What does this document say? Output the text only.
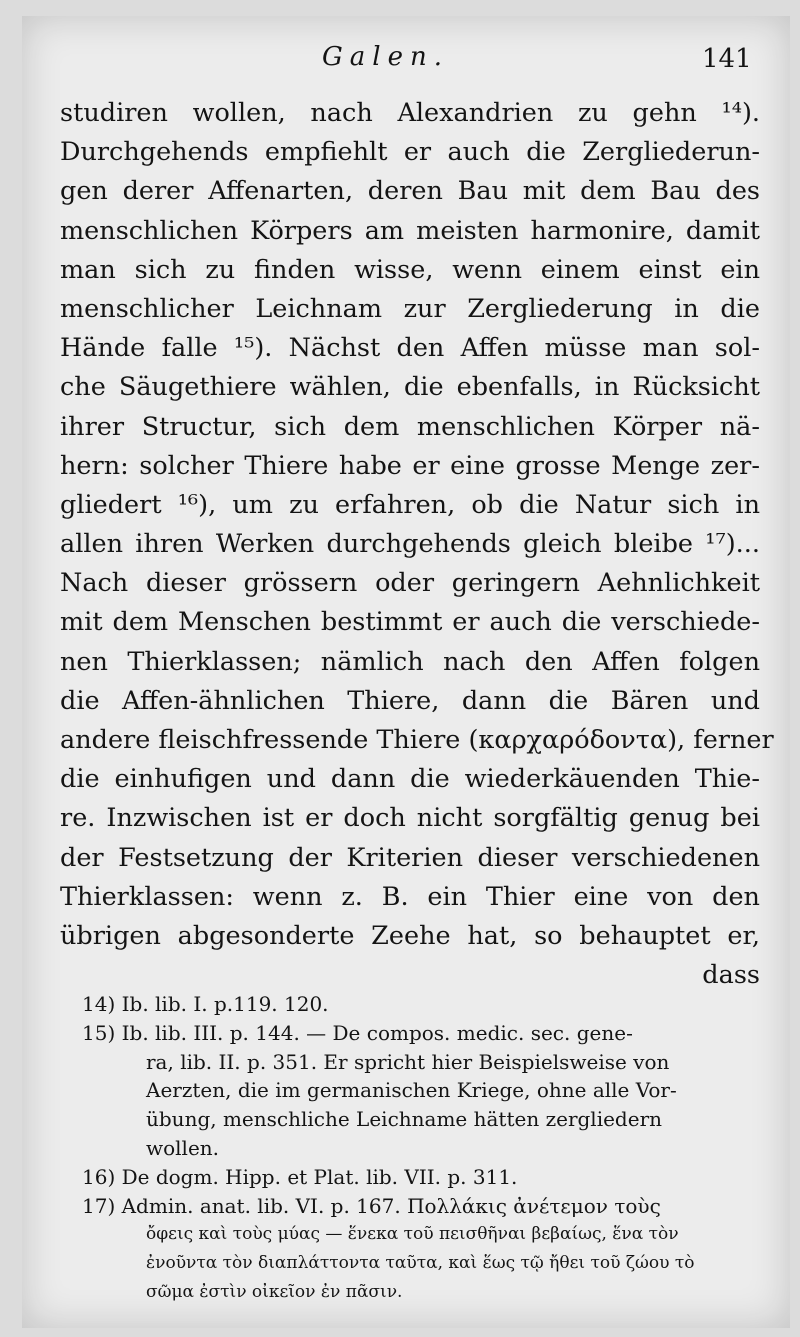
Galen.	141
studiren wollen, nach Alexandrien zu gehn ¹⁴).
Durchgehends empfiehlt er auch die Zergliederun-
gen derer Affenarten, deren Bau mit dem Bau des
menschlichen Körpers am meisten harmonire, damit
man sich zu finden wisse, wenn einem einst ein
menschlicher Leichnam zur Zergliederung in die
Hände falle ¹⁵). Nächst den Affen müsse man sol-
che Säugethiere wählen, die ebenfalls, in Rücksicht
ihrer Structur, sich dem menschlichen Körper nä-
hern: solcher Thiere habe er eine grosse Menge zer-
gliedert ¹⁶), um zu erfahren, ob die Natur sich in
allen ihren Werken durchgehends gleich bleibe ¹⁷)...
Nach dieser grössern oder geringern Aehnlichkeit
mit dem Menschen bestimmt er auch die verschiede-
nen Thierklassen; nämlich nach den Affen folgen
die Affen-ähnlichen Thiere, dann die Bären und
andere fleischfressende Thiere (καρχαρόδοντα), ferner
die einhufigen und dann die wiederkäuenden Thie-
re. Inzwischen ist er doch nicht sorgfältig genug bei
der Festsetzung der Kriterien dieser verschiedenen
Thierklassen: wenn z. B. ein Thier eine von den
übrigen abgesonderte Zeehe hat, so behauptet er,
dass
14) Ib. lib. I. p.119. 120.
15) Ib. lib. III. p. 144. — De compos. medic. sec. gene-
ra, lib. II. p. 351. Er spricht hier Beispielsweise von
Aerzten, die im germanischen Kriege, ohne alle Vor-
übung, menschliche Leichname hätten zergliedern
wollen.
16) De dogm. Hipp. et Plat. lib. VII. p. 311.
17) Admin. anat. lib. VI. p. 167. Πολλάκις ἀνέτεμον τοὺς
ὄφεις καὶ τοὺς μύας — ἕνεκα τοῦ πεισθῆναι βεβαίως, ἕνα τὸν
ἐνοῦντα τὸν διαπλάττοντα ταῦτα, καὶ ἕως τῷ ἤθει τοῦ ζώου τὸ
σῶμα ἐστὶν οἰκεῖον ἐν πᾶσιν.
